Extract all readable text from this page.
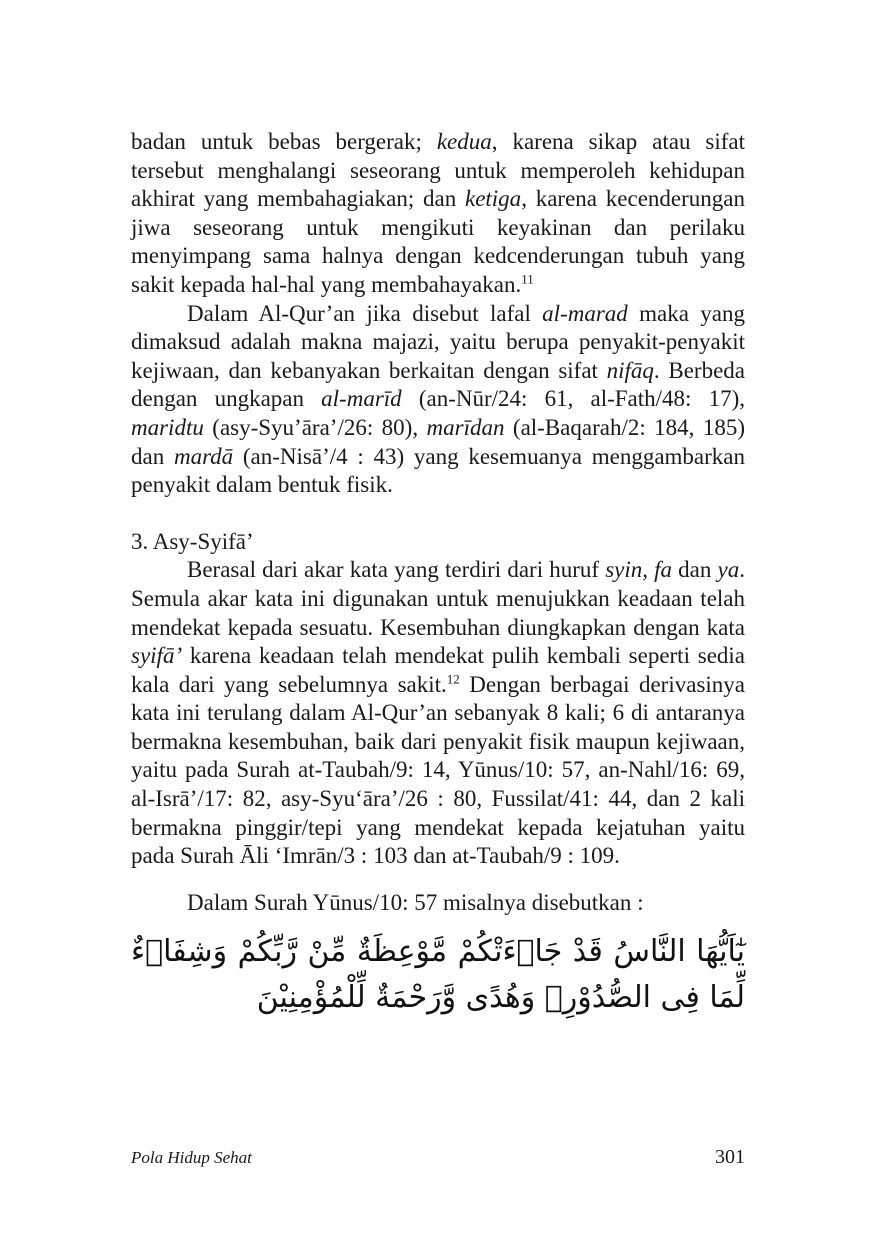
badan untuk bebas bergerak; kedua, karena sikap atau sifat tersebut menghalangi seseorang untuk memperoleh kehidupan akhirat yang membahagiakan; dan ketiga, karena kecenderungan jiwa seseorang untuk mengikuti keyakinan dan perilaku menyimpang sama halnya dengan kedcenderungan tubuh yang sakit kepada hal-hal yang membahayakan.$^{11}$

Dalam Al-Qur’an jika disebut lafal al-marad maka yang dimaksud adalah makna majazi, yaitu berupa penyakit-penyakit kejiwaan, dan kebanyakan berkaitan dengan sifat nifāq. Berbeda dengan ungkapan al-marīd (an-Nūr/24: 61, al-Fath/48: 17), maridtu (asy-Syu’āra’/26: 80), marīdan (al-Baqarah/2: 184, 185) dan mardā (an-Nisā’/4 : 43) yang kesemuanya menggambarkan penyakit dalam bentuk fisik.

3. Asy-Syifā’

Berasal dari akar kata yang terdiri dari huruf syin, fa dan ya. Semula akar kata ini digunakan untuk menujukkan keadaan telah mendekat kepada sesuatu. Kesembuhan diungkapkan dengan kata syifā’ karena keadaan telah mendekat pulih kembali seperti sedia kala dari yang sebelumnya sakit.$^{12}$ Dengan berbagai derivasinya kata ini terulang dalam Al-Qur’an sebanyak 8 kali; 6 di antaranya bermakna kesembuhan, baik dari penyakit fisik maupun kejiwaan, yaitu pada Surah at-Taubah/9: 14, Yūnus/10: 57, an-Nahl/16: 69, al-Isrā’/17: 82, asy-Syu‘āra’/26 : 80, Fussilat/41: 44, dan 2 kali bermakna pinggir/tepi yang mendekat kepada kejatuhan yaitu pada Surah Āli ‘Imrān/3 : 103 dan at-Taubah/9 : 109.

Dalam Surah Yūnus/10: 57 misalnya disebutkan :

يٰٓاَيُّهَا النَّاسُ قَدْ جَاۤءَتْكُمْ مَّوْعِظَةٌ مِّنْ رَّبِّكُمْ وَشِفَاۤءٌ لِّمَا فِى الصُّدُوْرِۙ وَهُدًى وَّرَحْمَةٌ لِّلْمُؤْمِنِيْنَ

Pola Hidup Sehat	301
